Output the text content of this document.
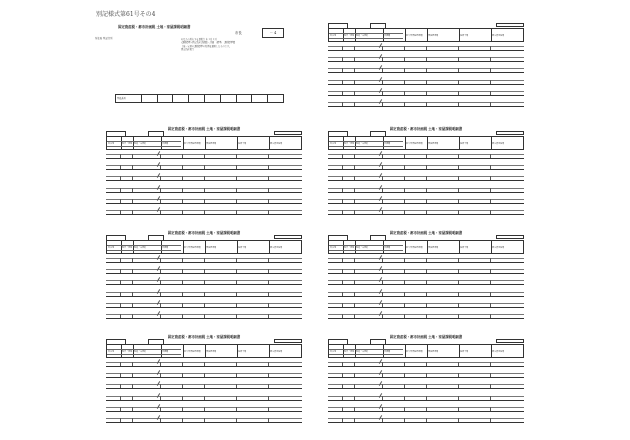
別記様式第61号その4
固定資産税・都市計画税 土地・家屋課税明細書
市長	－ 4
所在地 登記住所	あなたの所有する課税台 年１月１日
(課税標準) 固定資産評価額・評価 （標準） 課税標準額
土地・家屋の課税標準の特例を適用したものです。
固定資産税等
登録番号
所在地	地目・種類 地積・床面積	評価額	前年度課税標準額	課税標準額	税相当額	固定資産税額
固定資産税・都市計画税 土地・家屋課税明細書
所在地	地目・種類 地積・床面積	評価額	前年度課税標準額	課税標準額	税相当額	固定資産税額
固定資産税・都市計画税 土地・家屋課税明細書
所在地	地目・種類 地積・床面積	評価額	前年度課税標準額	課税標準額	税相当額	固定資産税額
固定資産税・都市計画税 土地・家屋課税明細書
所在地	地目・種類 地積・床面積	評価額	前年度課税標準額	課税標準額	税相当額	固定資産税額
固定資産税・都市計画税 土地・家屋課税明細書
所在地	地目・種類 地積・床面積	評価額	前年度課税標準額	課税標準額	税相当額	固定資産税額
固定資産税・都市計画税 土地・家屋課税明細書
所在地	地目・種類 地積・床面積	評価額	前年度課税標準額	課税標準額	税相当額	固定資産税額
固定資産税・都市計画税 土地・家屋課税明細書
所在地	地目・種類 地積・床面積	評価額	前年度課税標準額	課税標準額	税相当額	固定資産税額
